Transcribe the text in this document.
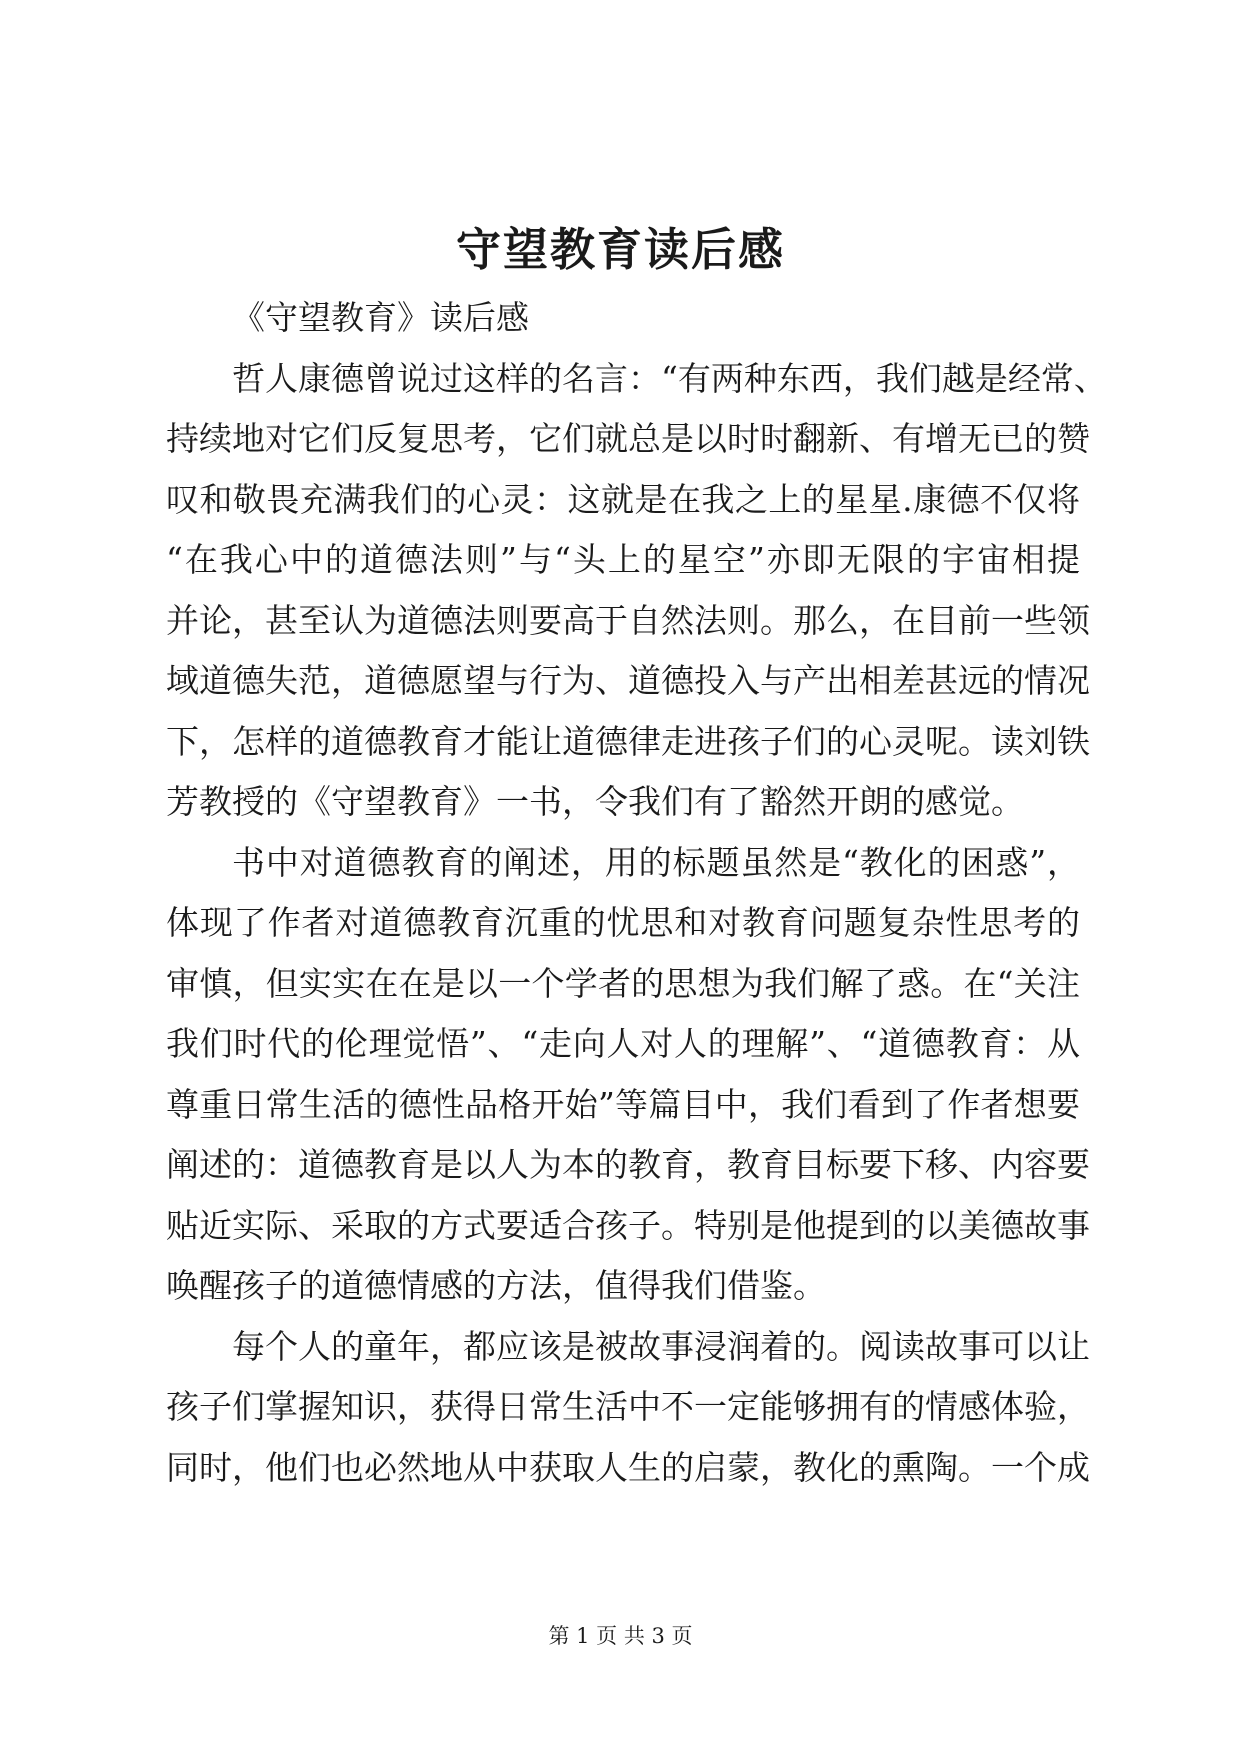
守望教育读后感
《守望教育》读后感
哲人康德曾说过这样的名言：“有两种东西，我们越是经常、
持续地对它们反复思考，它们就总是以时时翻新、有增无已的赞
叹和敬畏充满我们的心灵：这就是在我之上的星星.康德不仅将
“在我心中的道德法则”与“头上的星空”亦即无限的宇宙相提
并论，甚至认为道德法则要高于自然法则。那么，在目前一些领
域道德失范，道德愿望与行为、道德投入与产出相差甚远的情况
下，怎样的道德教育才能让道德律走进孩子们的心灵呢。读刘铁
芳教授的《守望教育》一书，令我们有了豁然开朗的感觉。
书中对道德教育的阐述，用的标题虽然是“教化的困惑”，
体现了作者对道德教育沉重的忧思和对教育问题复杂性思考的
审慎，但实实在在是以一个学者的思想为我们解了惑。在“关注
我们时代的伦理觉悟”、“走向人对人的理解”、“道德教育：从
尊重日常生活的德性品格开始”等篇目中，我们看到了作者想要
阐述的：道德教育是以人为本的教育，教育目标要下移、内容要
贴近实际、采取的方式要适合孩子。特别是他提到的以美德故事
唤醒孩子的道德情感的方法，值得我们借鉴。
每个人的童年，都应该是被故事浸润着的。阅读故事可以让
孩子们掌握知识，获得日常生活中不一定能够拥有的情感体验，
同时，他们也必然地从中获取人生的启蒙，教化的熏陶。一个成
第 1 页 共 3 页
